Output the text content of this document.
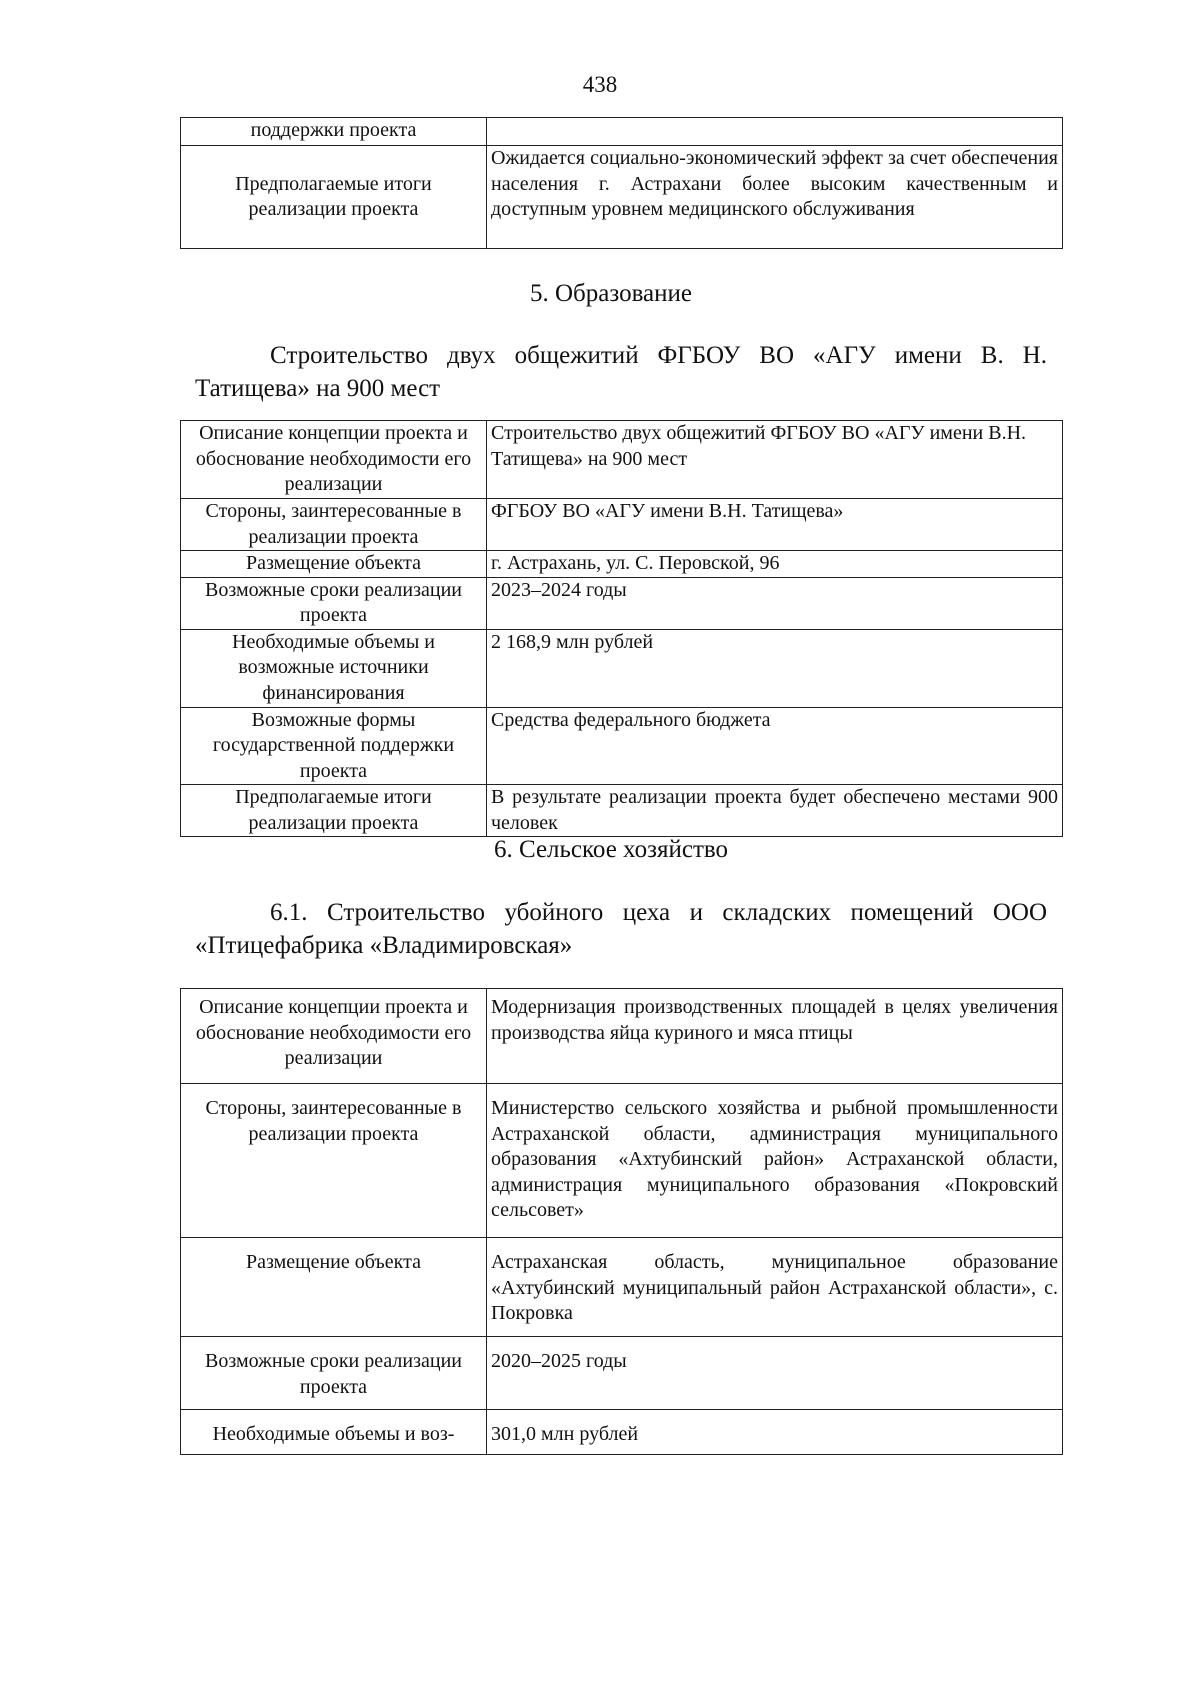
438
поддержки проекта	
Предполагаемые итоги реализации проекта	Ожидается социально-экономический эффект за счет обеспечения населения г. Астрахани более высоким качественным и доступным уровнем медицинского обслуживания
5. Образование
Строительство двух общежитий ФГБОУ ВО «АГУ имени В. Н. Татищева» на 900 мест
Описание концепции проекта и обоснование необходимости его реализации	Строительство двух общежитий ФГБОУ ВО «АГУ имени В.Н. Татищева» на 900 мест
Стороны, заинтересованные в реализации проекта	ФГБОУ ВО «АГУ имени В.Н. Татищева»
Размещение объекта	г. Астрахань, ул. С. Перовской, 96
Возможные сроки реализации проекта	2023–2024 годы
Необходимые объемы и возможные источники финансирования	2 168,9 млн рублей
Возможные формы государственной поддержки проекта	Средства федерального бюджета
Предполагаемые итоги реализации проекта	В результате реализации проекта будет обеспечено местами 900 человек
6. Сельское хозяйство
6.1. Строительство убойного цеха и складских помещений ООО «Птицефабрика «Владимировская»
Описание концепции проекта и обоснование необходимости его реализации	Модернизация производственных площадей в целях увеличения производства яйца куриного и мяса птицы
Стороны, заинтересованные в реализации проекта	Министерство сельского хозяйства и рыбной промышленности Астраханской области, администрация муниципального образования «Ахтубинский район» Астраханской области, администрация муниципального образования «Покровский сельсовет»
Размещение объекта	Астраханская область, муниципальное образование «Ахтубинский муниципальный район Астраханской области», с. Покровка
Возможные сроки реализации проекта	2020–2025 годы
Необходимые объемы и воз-	301,0 млн рублей
